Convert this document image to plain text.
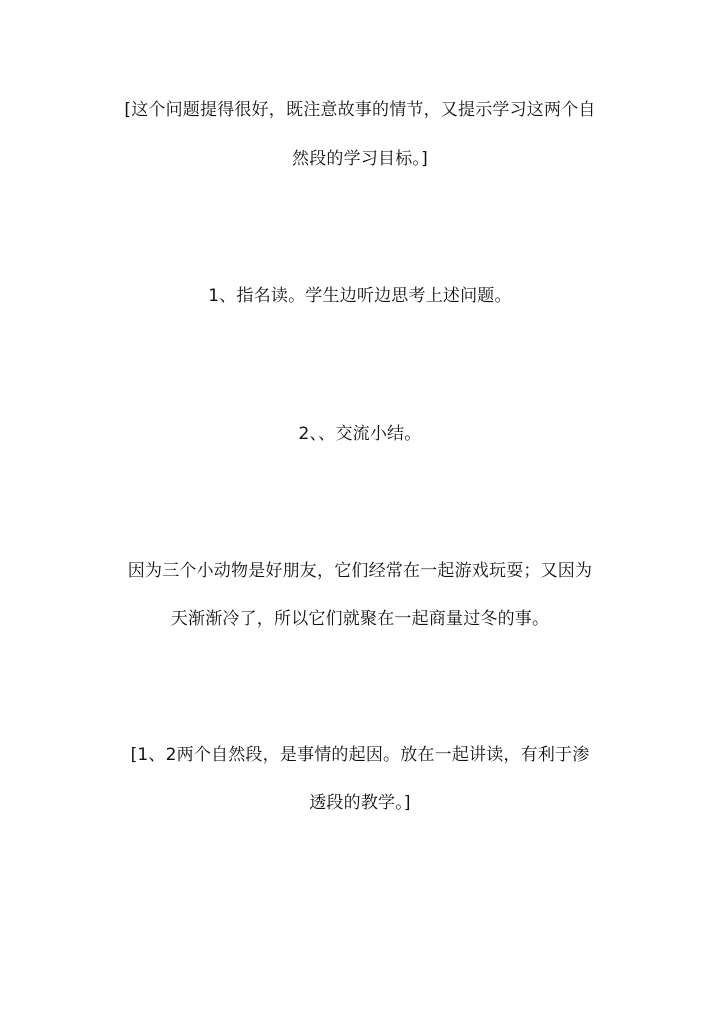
[这个问题提得很好，既注意故事的情节，又提示学习这两个自
然段的学习目标。]
1、指名读。学生边听边思考上述问题。
2、、交流小结。
因为三个小动物是好朋友，它们经常在一起游戏玩耍；又因为
天渐渐冷了，所以它们就聚在一起商量过冬的事。
[1、2两个自然段，是事情的起因。放在一起讲读，有利于渗
透段的教学。]
